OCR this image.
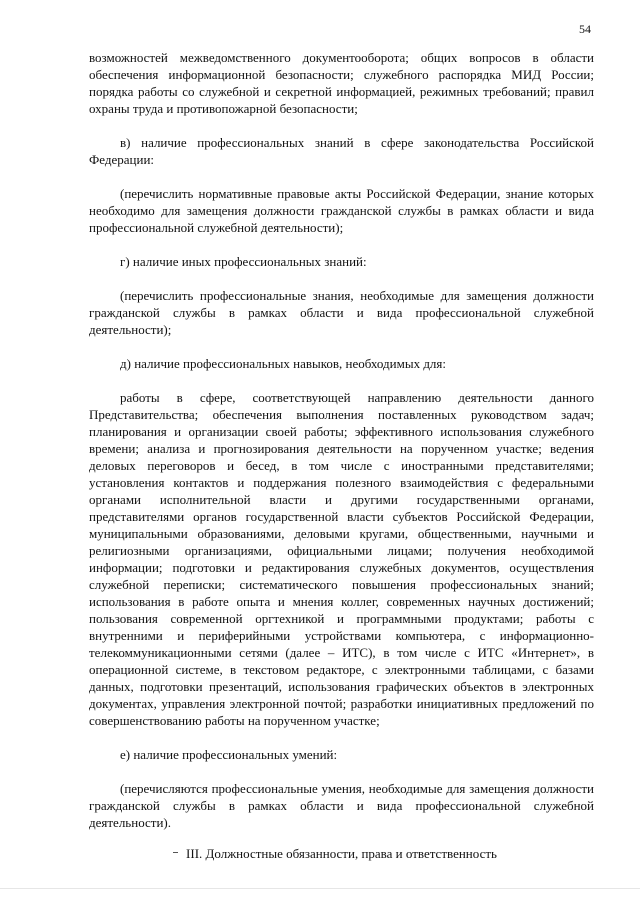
54

возможностей межведомственного документооборота; общих вопросов в области обеспечения информационной безопасности; служебного распорядка МИД России; порядка работы со служебной и секретной информацией, режимных требований; правил охраны труда и противопожарной безопасности;

в) наличие профессиональных знаний в сфере законодательства Российской Федерации:

(перечислить нормативные правовые акты Российской Федерации, знание которых необходимо для замещения должности гражданской службы в рамках области и вида профессиональной служебной деятельности);

г) наличие иных профессиональных знаний:

(перечислить профессиональные знания, необходимые для замещения должности гражданской службы в рамках области и вида профессиональной служебной деятельности);

д) наличие профессиональных навыков, необходимых для:

работы в сфере, соответствующей направлению деятельности данного Представительства; обеспечения выполнения поставленных руководством задач; планирования и организации своей работы; эффективного использования служебного времени; анализа и прогнозирования деятельности на порученном участке; ведения деловых переговоров и бесед, в том числе с иностранными представителями; установления контактов и поддержания полезного взаимодействия с федеральными органами исполнительной власти и другими государственными органами, представителями органов государственной власти субъектов Российской Федерации, муниципальными образованиями, деловыми кругами, общественными, научными и религиозными организациями, официальными лицами; получения необходимой информации; подготовки и редактирования служебных документов, осуществления служебной переписки; систематического повышения профессиональных знаний; использования в работе опыта и мнения коллег, современных научных достижений; пользования современной оргтехникой и программными продуктами; работы с внутренними и периферийными устройствами компьютера, с информационно-телекоммуникационными сетями (далее – ИТС), в том числе с ИТС «Интернет», в операционной системе, в текстовом редакторе, с электронными таблицами, с базами данных, подготовки презентаций, использования графических объектов в электронных документах, управления электронной почтой; разработки инициативных предложений по совершенствованию работы на порученном участке;

е) наличие профессиональных умений:

(перечисляются профессиональные умения, необходимые для замещения должности гражданской службы в рамках области и вида профессиональной служебной деятельности).

III. Должностные обязанности, права и ответственность
